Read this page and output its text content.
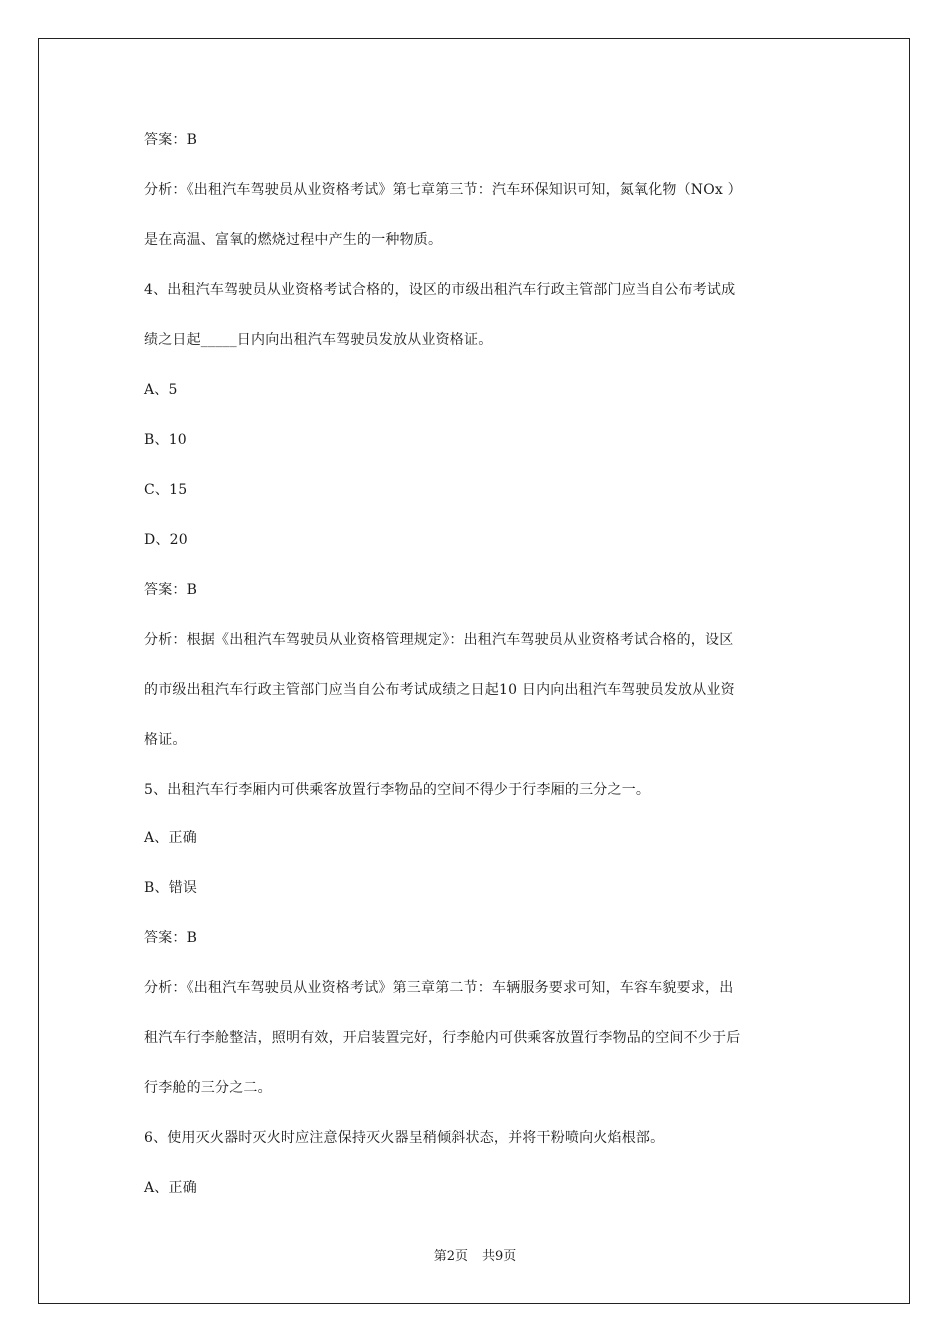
答案：B
分析：《出租汽车驾驶员从业资格考试》第七章第三节：汽车环保知识可知，氮氧化物（NOx ）
是在高温、富氧的燃烧过程中产生的一种物质。
4、出租汽车驾驶员从业资格考试合格的，设区的市级出租汽车行政主管部门应当自公布考试成
绩之日起_____日内向出租汽车驾驶员发放从业资格证。
A、5
B、10
C、15
D、20
答案：B
分析：根据《出租汽车驾驶员从业资格管理规定》：出租汽车驾驶员从业资格考试合格的，设区
的市级出租汽车行政主管部门应当自公布考试成绩之日起10 日内向出租汽车驾驶员发放从业资
格证。
5、出租汽车行李厢内可供乘客放置行李物品的空间不得少于行李厢的三分之一。
A、正确
B、错误
答案：B
分析：《出租汽车驾驶员从业资格考试》第三章第二节：车辆服务要求可知，车容车貌要求，出
租汽车行李舱整洁，照明有效，开启装置完好，行李舱内可供乘客放置行李物品的空间不少于后
行李舱的三分之二。
6、使用灭火器时灭火时应注意保持灭火器呈稍倾斜状态，并将干粉喷向火焰根部。
A、正确
第2页 共9页
